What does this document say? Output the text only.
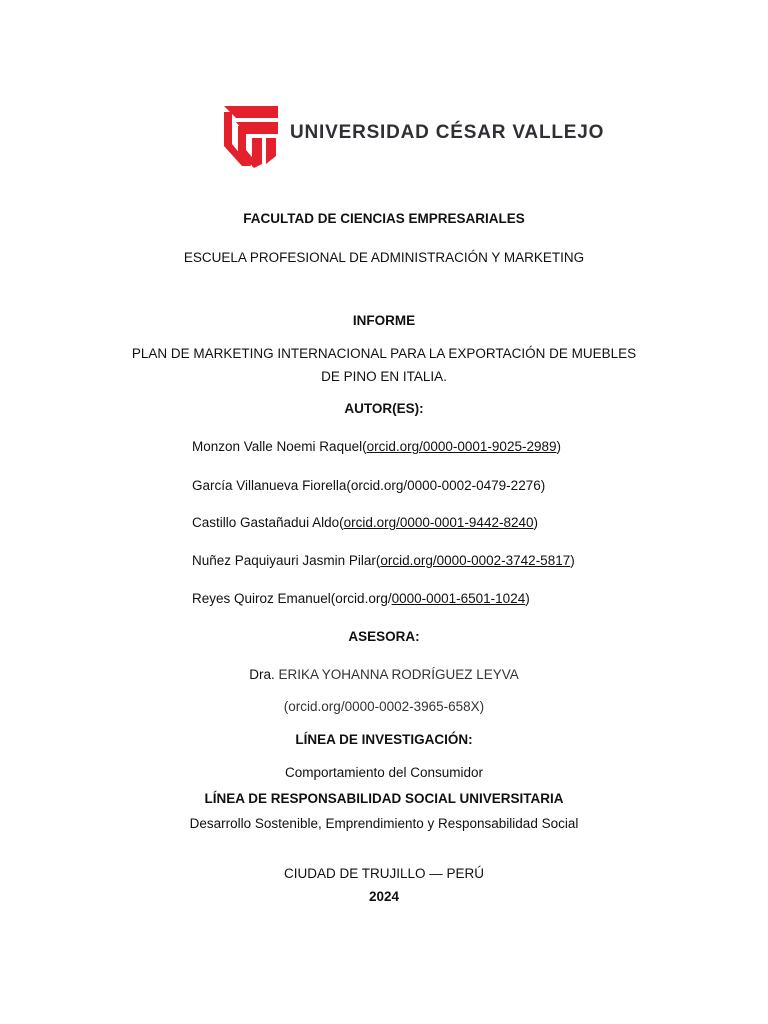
UNIVERSIDAD CÉSAR VALLEJO
FACULTAD DE CIENCIAS EMPRESARIALES
ESCUELA PROFESIONAL DE ADMINISTRACIÓN Y MARKETING
INFORME
PLAN DE MARKETING INTERNACIONAL PARA LA EXPORTACIÓN DE MUEBLES
DE PINO EN ITALIA.
AUTOR(ES):
Monzon Valle Noemi Raquel(orcid.org/0000-0001-9025-2989)
García Villanueva Fiorella(orcid.org/0000-0002-0479-2276)
Castillo Gastañadui Aldo(orcid.org/0000-0001-9442-8240)
Nuñez Paquiyauri Jasmin Pilar(orcid.org/0000-0002-3742-5817)
Reyes Quiroz Emanuel(orcid.org/0000-0001-6501-1024)
ASESORA:
Dra. ERIKA YOHANNA RODRÍGUEZ LEYVA
(orcid.org/0000-0002-3965-658X)
LÍNEA DE INVESTIGACIÓN:
Comportamiento del Consumidor
LÍNEA DE RESPONSABILIDAD SOCIAL UNIVERSITARIA
Desarrollo Sostenible, Emprendimiento y Responsabilidad Social
CIUDAD DE TRUJILLO — PERÚ
2024
